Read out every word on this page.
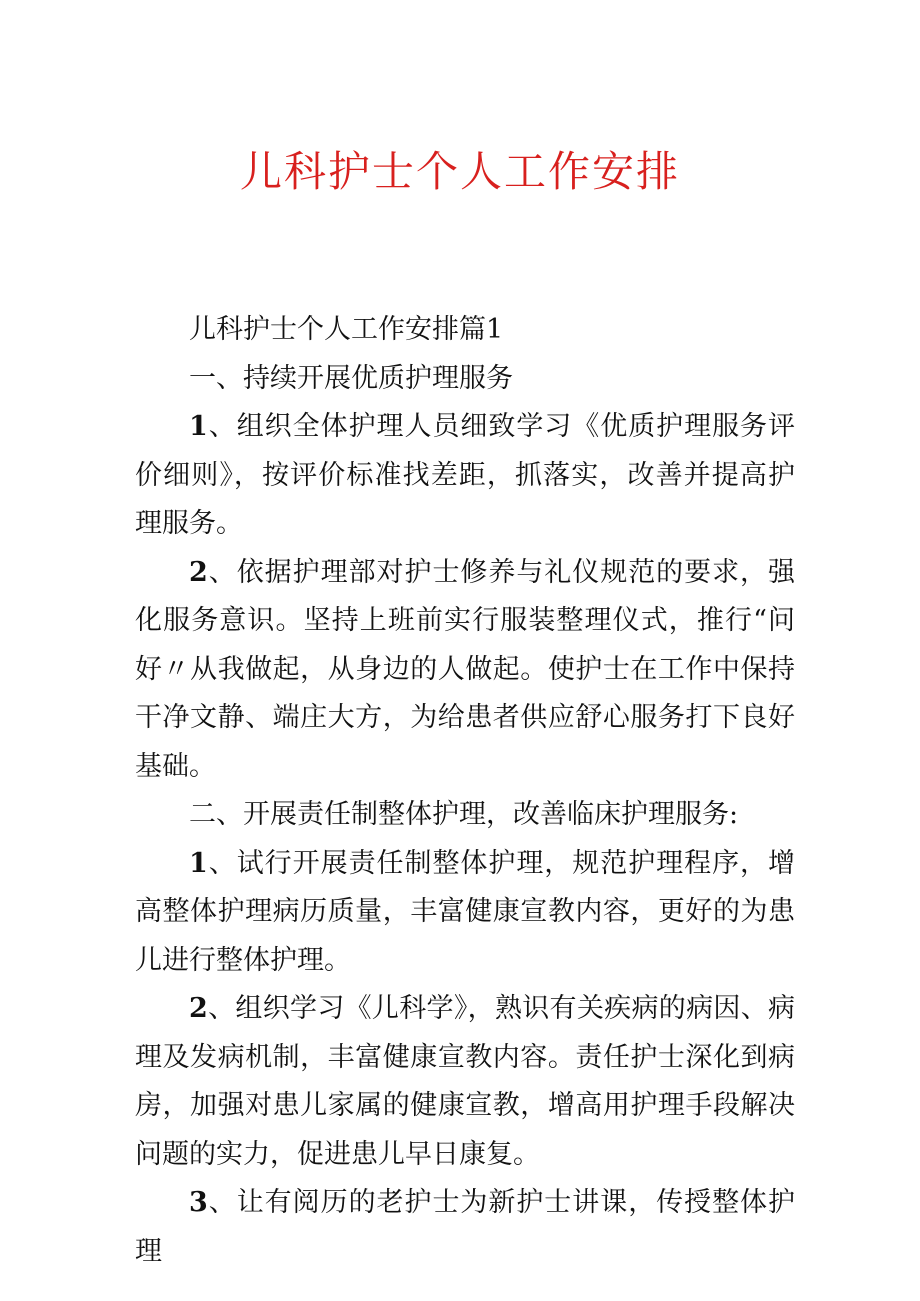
儿科护士个人工作安排

儿科护士个人工作安排篇1

一、持续开展优质护理服务

1、组织全体护理人员细致学习《优质护理服务评价细则》，按评价标准找差距，抓落实，改善并提高护理服务。

2、依据护理部对护士修养与礼仪规范的要求，强化服务意识。坚持上班前实行服装整理仪式，推行“问好〃从我做起，从身边的人做起。使护士在工作中保持干净文静、端庄大方，为给患者供应舒心服务打下良好基础。

二、开展责任制整体护理，改善临床护理服务:

1、试行开展责任制整体护理，规范护理程序，增高整体护理病历质量，丰富健康宣教内容，更好的为患儿进行整体护理。

2、组织学习《儿科学》，熟识有关疾病的病因、病理及发病机制，丰富健康宣教内容。责任护士深化到病房，加强对患儿家属的健康宣教，增高用护理手段解决问题的实力，促进患儿早日康复。

3、让有阅历的老护士为新护士讲课，传授整体护理
